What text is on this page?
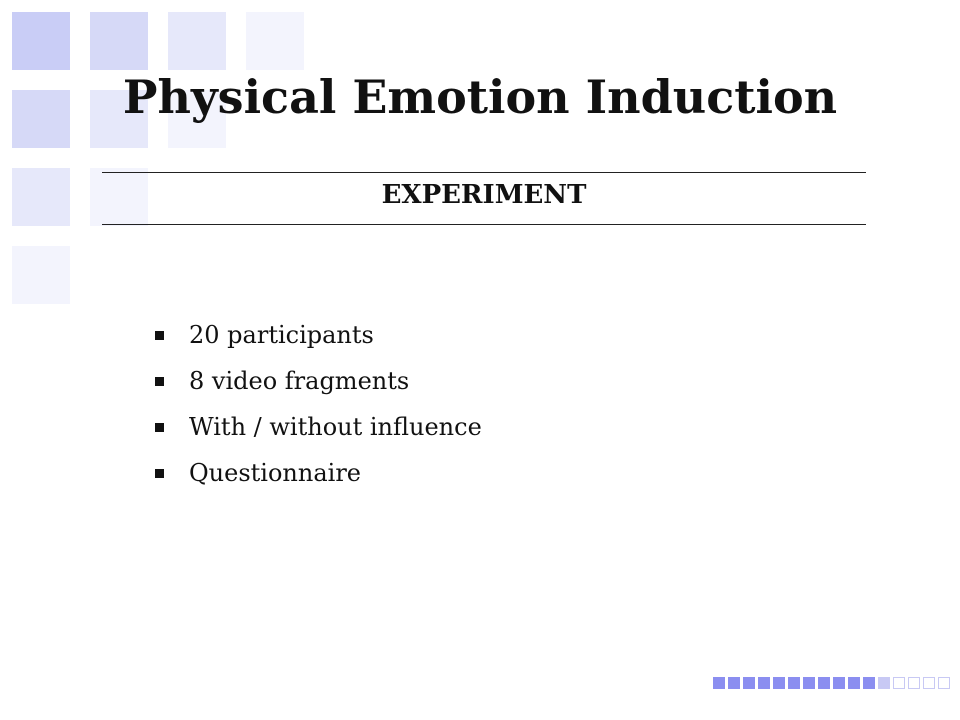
Physical Emotion Induction
EXPERIMENT
20 participants
8 video fragments
With / without influence
Questionnaire
